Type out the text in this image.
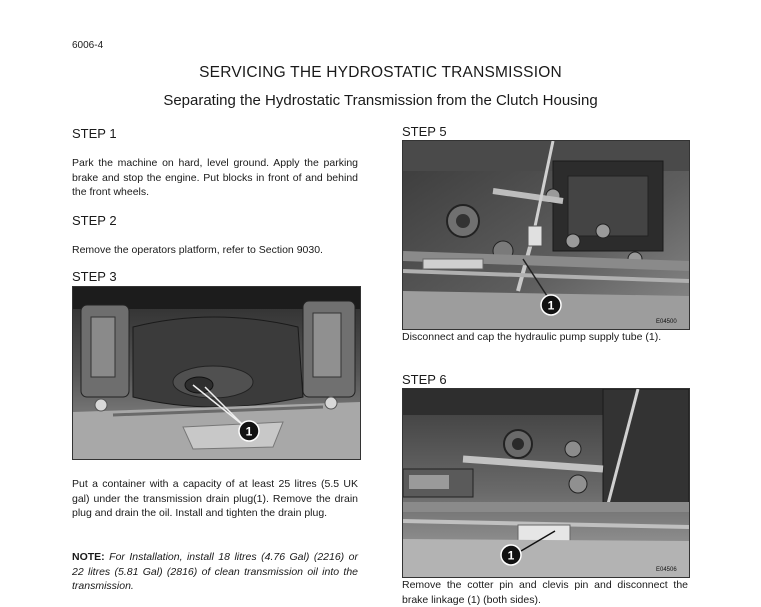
6006-4
SERVICING THE HYDROSTATIC TRANSMISSION
Separating the Hydrostatic Transmission from the Clutch Housing
STEP 1
Park the machine on hard, level ground. Apply the parking brake and stop the engine. Put blocks in front of and behind the front wheels.
STEP 2
Remove the operators platform, refer to Section 9030.
STEP 3
1
Put a container with a capacity of at least 25 litres (5.5 UK gal) under the transmission drain plug(1). Remove the drain plug and drain the oil. Install and tighten the drain plug.
NOTE: For Installation, install 18 litres (4.76 Gal) (2216) or 22 litres (5.81 Gal) (2816) of clean transmission oil into the transmission.
STEP 5
1
E04500
Disconnect and cap the hydraulic pump supply tube (1).
STEP 6
1
E04506
Remove the cotter pin and clevis pin and disconnect the brake linkage (1) (both sides).
